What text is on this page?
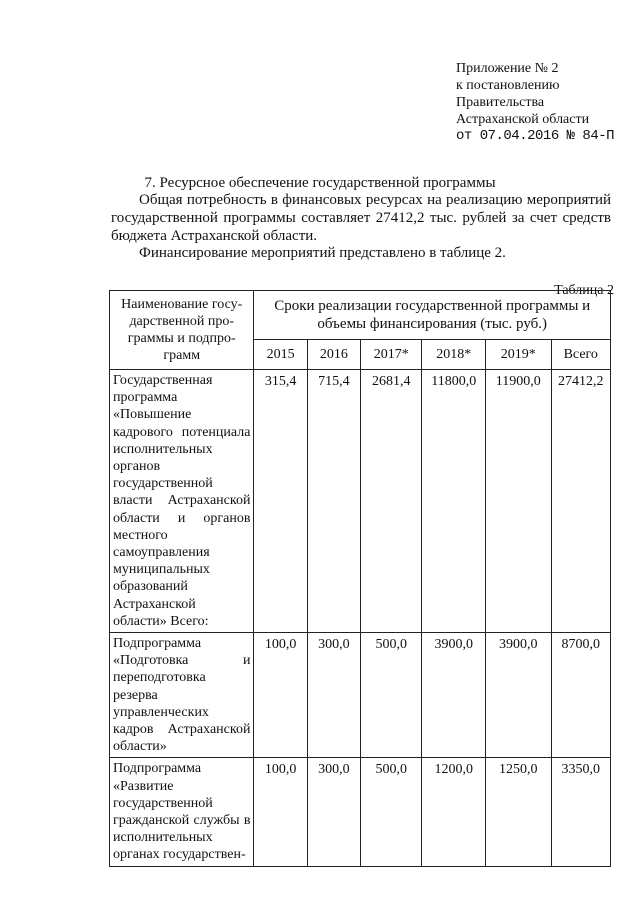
Приложение № 2
к постановлению
Правительства
Астраханской области
от 07.04.2016 № 84-П
7. Ресурсное обеспечение государственной программы
Общая потребность в финансовых ресурсах на реализацию мероприятий государственной программы составляет 27412,2 тыс. рублей за счет средств бюджета Астраханской области.
Финансирование мероприятий представлено в таблице 2.
Таблица 2
Наименование государственной программы и подпрограмм	Сроки реализации государственной программы и объемы финансирования (тыс. руб.)					
	2015	2016	2017*	2018*	2019*	Всего
Государственная программа «Повышение кадрового потенциала исполнительных органов государственной власти Астраханской области и органов местного самоуправления муниципальных образований Астраханской области» Всего:	315,4	715,4	2681,4	11800,0	11900,0	27412,2
Подпрограмма «Подготовка и переподготовка резерва управленческих кадров Астраханской области»	100,0	300,0	500,0	3900,0	3900,0	8700,0
Подпрограмма «Развитие государственной гражданской службы в исполнительных органах государствен-	100,0	300,0	500,0	1200,0	1250,0	3350,0
